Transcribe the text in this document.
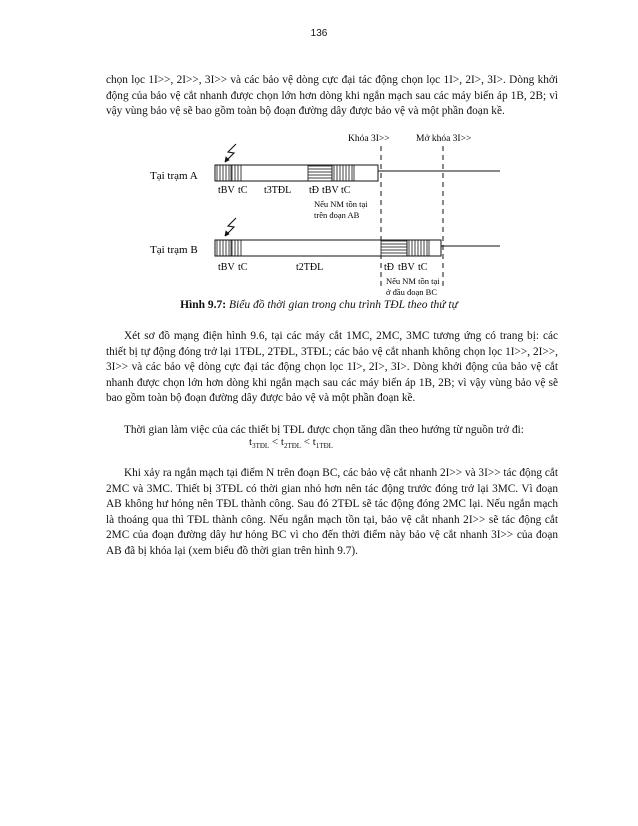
136

chọn lọc 1I>>, 2I>>, 3I>> và các bảo vệ dòng cực đại tác động chọn lọc 1I>, 2I>, 3I>. Dòng khởi động của bảo vệ cắt nhanh được chọn lớn hơn dòng khi ngắn mạch sau các máy biến áp 1B, 2B; vì vậy vùng bảo vệ sẽ bao gồm toàn bộ đoạn đường dây được bảo vệ và một phần đoạn kề.

Khóa 3I>>	Mở khóa 3I>>
Tại trạm A
tBV tC t3TĐL tĐ tBV tC
Nếu NM tồn tại
trên đoạn AB
Tại trạm B
tBV tC	t2TĐL	tĐ tBV tC
Nếu NM tồn tại
ở đầu đoạn BC
Hình 9.7: Biểu đồ thời gian trong chu trình TĐL theo thứ tự

Xét sơ đồ mạng điện hình 9.6, tại các máy cắt 1MC, 2MC, 3MC tương ứng có trang bị: các thiết bị tự động đóng trở lại 1TĐL, 2TĐL, 3TĐL; các bảo vệ cắt nhanh không chọn lọc 1I>>, 2I>>, 3I>> và các bảo vệ dòng cực đại tác động chọn lọc 1I>, 2I>, 3I>. Dòng khởi động của bảo vệ cắt nhanh được chọn lớn hơn dòng khi ngắn mạch sau các máy biến áp 1B, 2B; vì vậy vùng bảo vệ sẽ bao gồm toàn bộ đoạn đường dây được bảo vệ và một phần đoạn kề.

Thời gian làm việc của các thiết bị TĐL được chọn tăng dần theo hướng từ nguồn trở đi:

$t_{3TĐL} < t_{2TĐL} < t_{1TĐL}$

Khi xảy ra ngắn mạch tại điểm N trên đoạn BC, các bảo vệ cắt nhanh 2I>> và 3I>> tác động cắt 2MC và 3MC. Thiết bị 3TĐL có thời gian nhỏ hơn nên tác động trước đóng trở lại 3MC. Vì đoạn AB không hư hỏng nên TĐL thành công. Sau đó 2TĐL sẽ tác động đóng 2MC lại. Nếu ngắn mạch là thoáng qua thì TĐL thành công. Nếu ngắn mạch tồn tại, bảo vệ cắt nhanh 2I>> sẽ tác động cắt 2MC của đoạn đường dây hư hỏng BC vì cho đến thời điểm này bảo vệ cắt nhanh 3I>> của đoạn AB đã bị khóa lại (xem biểu đồ thời gian trên hình 9.7).
